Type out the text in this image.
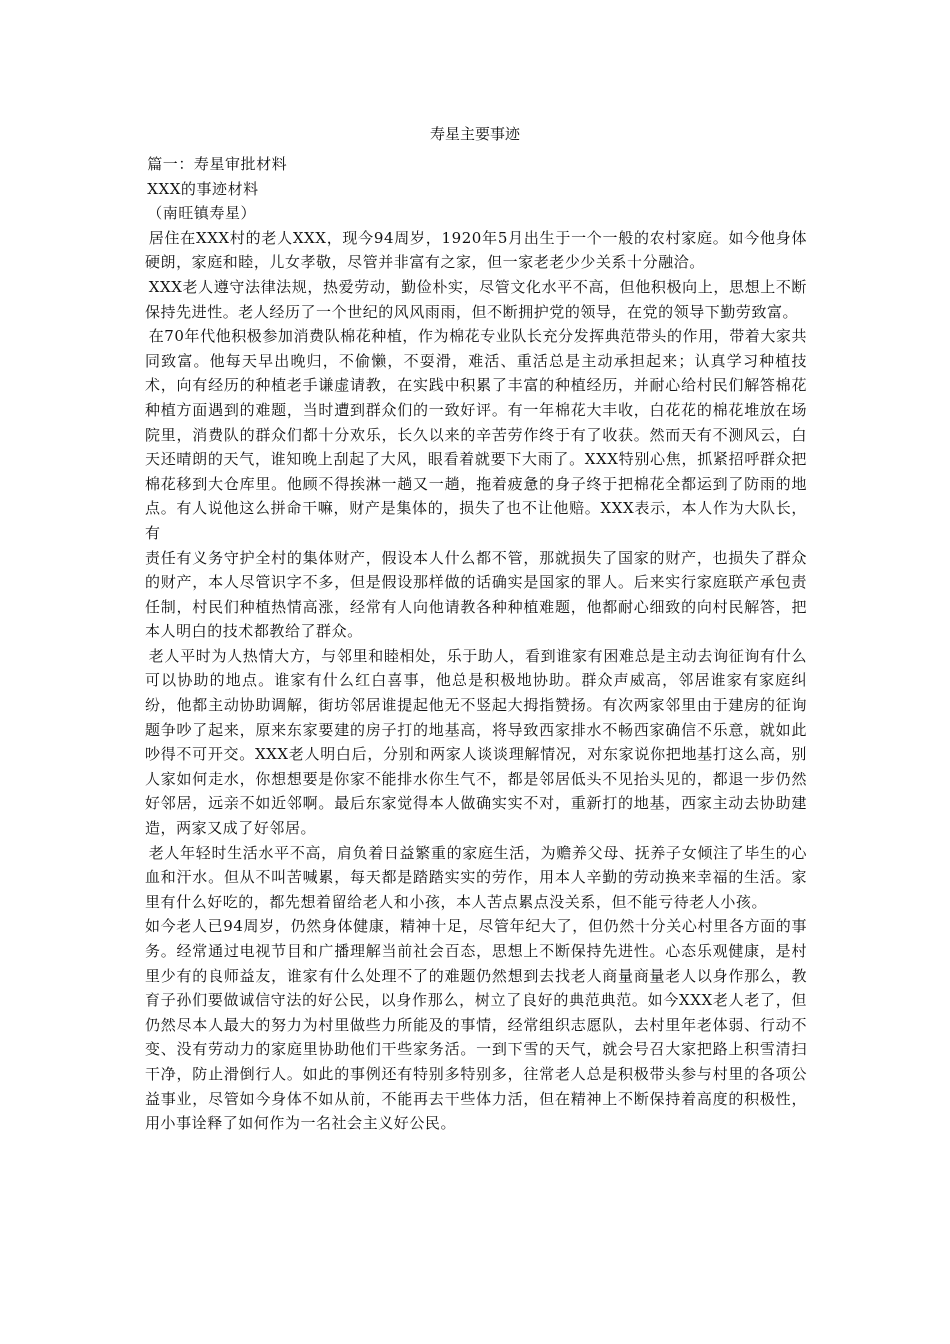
寿星主要事迹

篇一：寿星审批材料

XXX的事迹材料

（南旺镇寿星）

居住在XXX村的老人XXX，现今94周岁，1920年5月出生于一个一般的农村家庭。如今他身体硬朗，家庭和睦，儿女孝敬，尽管并非富有之家，但一家老老少少关系十分融洽。

XXX老人遵守法律法规，热爱劳动，勤俭朴实，尽管文化水平不高，但他积极向上，思想上不断保持先进性。老人经历了一个世纪的风风雨雨，但不断拥护党的领导，在党的领导下勤劳致富。

在70年代他积极参加消费队棉花种植，作为棉花专业队长充分发挥典范带头的作用，带着大家共同致富。他每天早出晚归，不偷懒，不耍滑，难活、重活总是主动承担起来；认真学习种植技术，向有经历的种植老手谦虚请教，在实践中积累了丰富的种植经历，并耐心给村民们解答棉花种植方面遇到的难题，当时遭到群众们的一致好评。有一年棉花大丰收，白花花的棉花堆放在场院里，消费队的群众们都十分欢乐，长久以来的辛苦劳作终于有了收获。然而天有不测风云，白天还晴朗的天气，谁知晚上刮起了大风，眼看着就要下大雨了。XXX特别心焦，抓紧招呼群众把棉花移到大仓库里。他顾不得挨淋一趟又一趟，拖着疲惫的身子终于把棉花全都运到了防雨的地点。有人说他这么拼命干嘛，财产是集体的，损失了也不让他赔。XXX表示，本人作为大队长，有

责任有义务守护全村的集体财产，假设本人什么都不管，那就损失了国家的财产，也损失了群众的财产，本人尽管识字不多，但是假设那样做的话确实是国家的罪人。后来实行家庭联产承包责任制，村民们种植热情高涨，经常有人向他请教各种种植难题，他都耐心细致的向村民解答，把本人明白的技术都教给了群众。

老人平时为人热情大方，与邻里和睦相处，乐于助人，看到谁家有困难总是主动去询征询有什么可以协助的地点。谁家有什么红白喜事，他总是积极地协助。群众声威高，邻居谁家有家庭纠纷，他都主动协助调解，街坊邻居谁提起他无不竖起大拇指赞扬。有次两家邻里由于建房的征询题争吵了起来，原来东家要建的房子打的地基高，将导致西家排水不畅西家确信不乐意，就如此吵得不可开交。XXX老人明白后，分别和两家人谈谈理解情况，对东家说你把地基打这么高，别人家如何走水，你想想要是你家不能排水你生气不，都是邻居低头不见抬头见的，都退一步仍然好邻居，远亲不如近邻啊。最后东家觉得本人做确实实不对，重新打的地基，西家主动去协助建造，两家又成了好邻居。

老人年轻时生活水平不高，肩负着日益繁重的家庭生活，为赡养父母、抚养子女倾注了毕生的心血和汗水。但从不叫苦喊累，每天都是踏踏实实的劳作，用本人辛勤的劳动换来幸福的生活。家里有什么好吃的，都先想着留给老人和小孩，本人苦点累点没关系，但不能亏待老人小孩。

如今老人已94周岁，仍然身体健康，精神十足，尽管年纪大了，但仍然十分关心村里各方面的事务。经常通过电视节目和广播理解当前社会百态，思想上不断保持先进性。心态乐观健康，是村里少有的良师益友，谁家有什么处理不了的难题仍然想到去找老人商量商量老人以身作那么，教育子孙们要做诚信守法的好公民，以身作那么，树立了良好的典范典范。如今XXX老人老了，但仍然尽本人最大的努力为村里做些力所能及的事情，经常组织志愿队，去村里年老体弱、行动不变、没有劳动力的家庭里协助他们干些家务活。一到下雪的天气，就会号召大家把路上积雪清扫干净，防止滑倒行人。如此的事例还有特别多特别多，往常老人总是积极带头参与村里的各项公益事业，尽管如今身体不如从前，不能再去干些体力活，但在精神上不断保持着高度的积极性，用小事诠释了如何作为一名社会主义好公民。
